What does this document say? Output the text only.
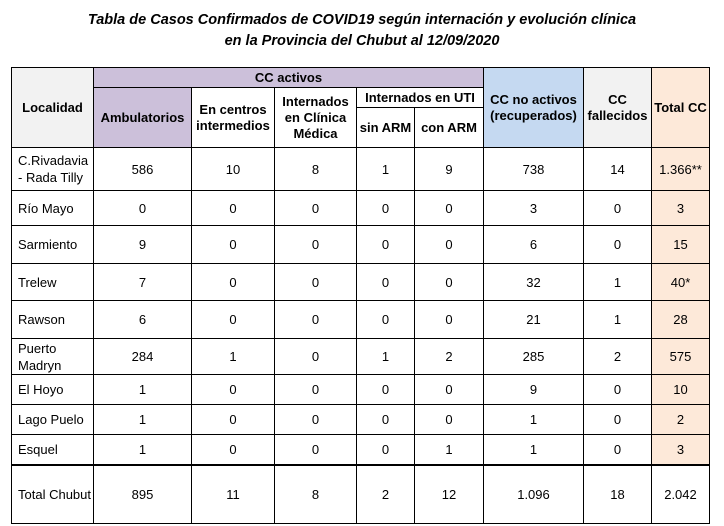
Tabla de Casos Confirmados de COVID19 según internación y evolución clínica
en la Provincia del Chubut al 12/09/2020
Localidad	CC activos					CC no activos (recuperados)	CC fallecidos	Total CC
	Ambulatorios	En centros intermedios	Internados en Clínica Médica	Internados en UTI				
				sin ARM	con ARM			
C.Rivadavia - Rada Tilly	586	10	8	1	9	738	14	1.366**
Río Mayo	0	0	0	0	0	3	0	3
Sarmiento	9	0	0	0	0	6	0	15
Trelew	7	0	0	0	0	32	1	40*
Rawson	6	0	0	0	0	21	1	28
Puerto Madryn	284	1	0	1	2	285	2	575
El Hoyo	1	0	0	0	0	9	0	10
Lago Puelo	1	0	0	0	0	1	0	2
Esquel	1	0	0	0	1	1	0	3
Total Chubut	895	11	8	2	12	1.096	18	2.042
